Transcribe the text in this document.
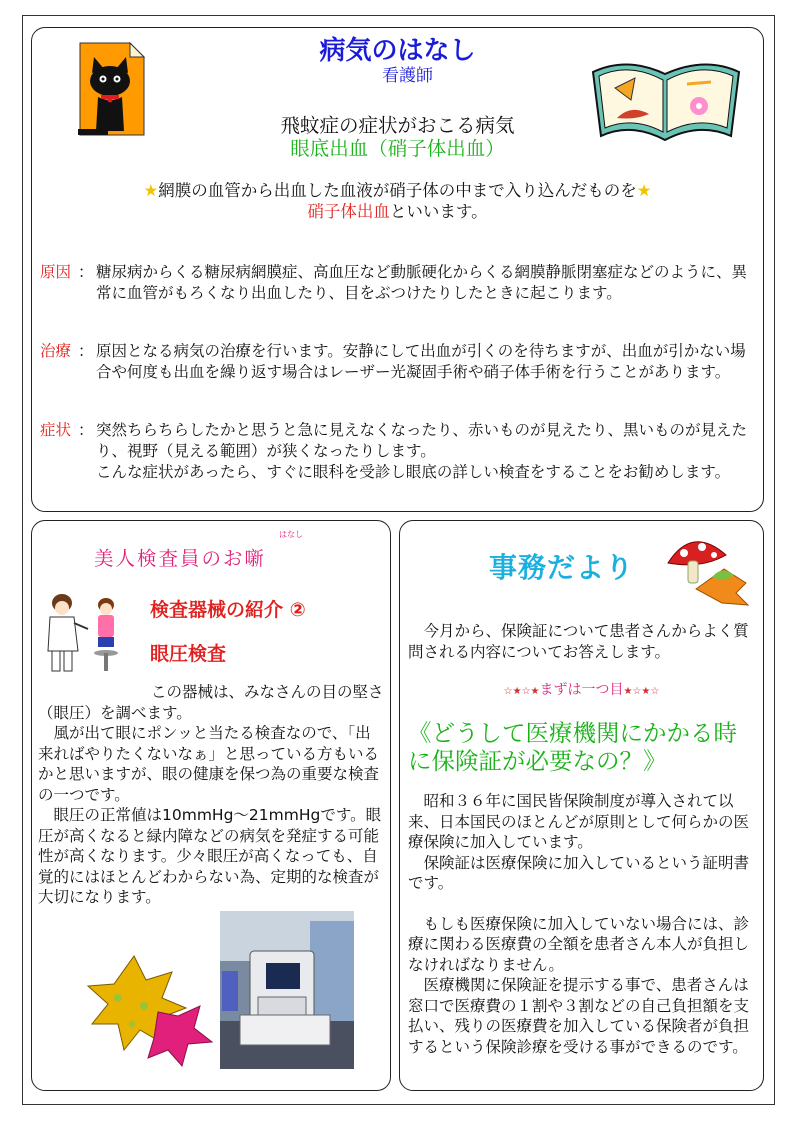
病気のはなし
看護師
飛蚊症の症状がおこる病気
眼底出血（硝子体出血）
★網膜の血管から出血した血液が硝子体の中まで入り込んだものを★
硝子体出血といいます。
原因 ： 糖尿病からくる糖尿病網膜症、高血圧など動脈硬化からくる網膜静脈閉塞症などのように、異常に血管がもろくなり出血したり、目をぶつけたりしたときに起こります。

治療 ： 原因となる病気の治療を行います。安静にして出血が引くのを待ちますが、出血が引かない場合や何度も出血を繰り返す場合はレーザー光凝固手術や硝子体手術を行うことがあります。

症状 ： 突然ちらちらしたかと思うと急に見えなくなったり、赤いものが見えたり、黒いものが見えたり、視野（見える範囲）が狭くなったりします。

こんな症状があったら、すぐに眼科を受診し眼底の詳しい検査をすることをお勧めします。

美人検査員のお噺
はなし
検査器械の紹介 ②
眼圧検査

この器械は、みなさんの目の堅さ（眼圧）を調べます。

風が出て眼にポンッと当たる検査なので、「出来ればやりたくないなぁ」と思っている方もいるかと思いますが、眼の健康を保つ為の重要な検査の一つです。

眼圧の正常値は10mmHg〜21mmHgです。眼圧が高くなると緑内障などの病気を発症する可能性が高くなります。少々眼圧が高くなっても、自覚的にはほとんどわからない為、定期的な検査が大切になります。

事務だより

今月から、保険証について患者さんからよく質問される内容についてお答えします。

☆★☆★まずは一つ目★☆★☆
《どうして医療機関にかかる時に保険証が必要なの？》

昭和３６年に国民皆保険制度が導入されて以来、日本国民のほとんどが原則として何らかの医療保険に加入しています。

保険証は医療保険に加入しているという証明書です。

もしも医療保険に加入していない場合には、診療に関わる医療費の全額を患者さん本人が負担しなければなりません。

医療機関に保険証を提示する事で、患者さんは窓口で医療費の１割や３割などの自己負担額を支払い、残りの医療費を加入している保険者が負担するという保険診療を受ける事ができるのです。
